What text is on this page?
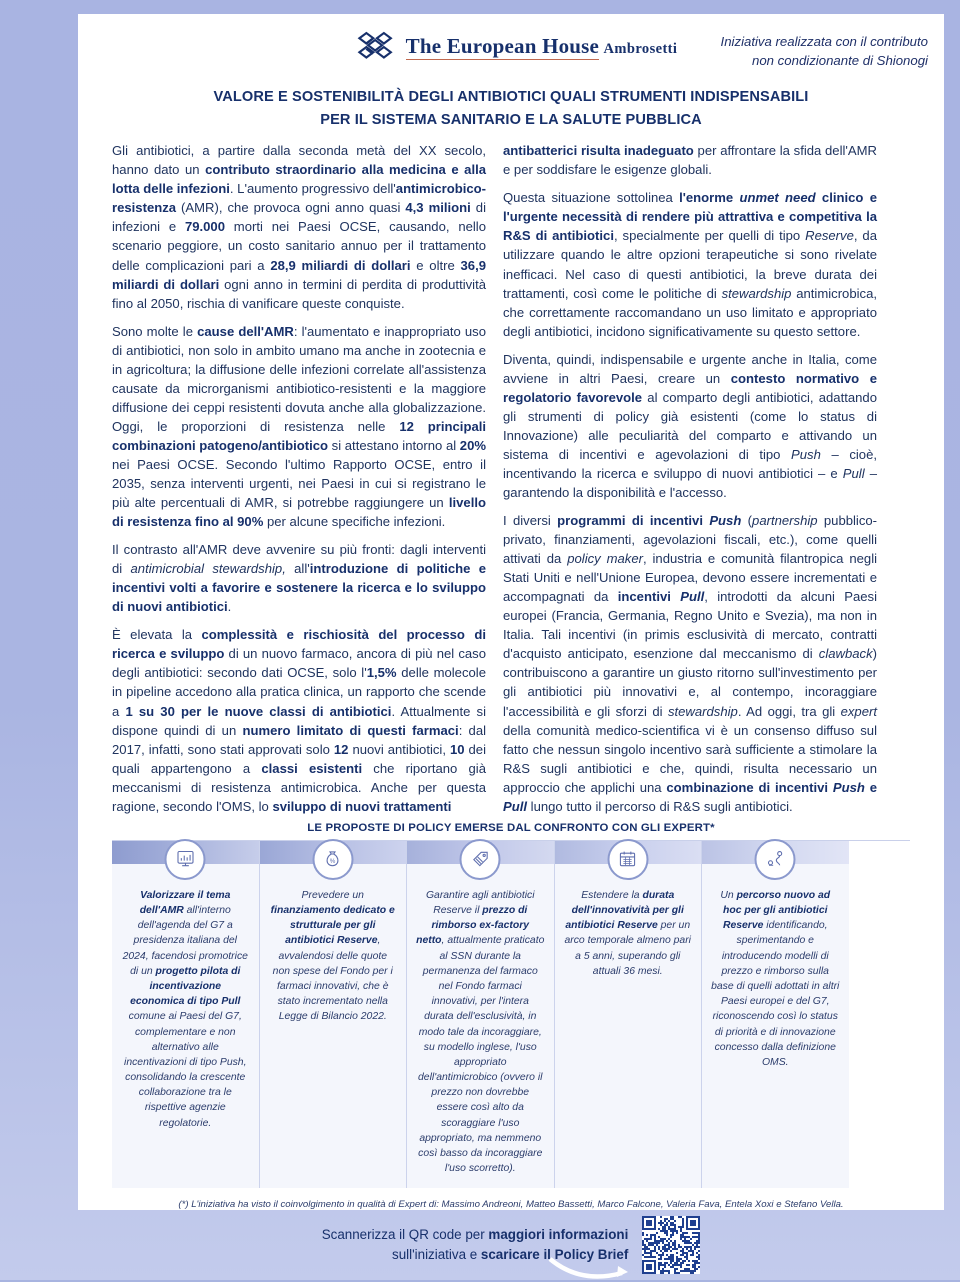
The European House Ambrosetti	Iniziativa realizzata con il contributo
non condizionante di Shionogi
VALORE E SOSTENIBILITÀ DEGLI ANTIBIOTICI QUALI STRUMENTI INDISPENSABILI
PER IL SISTEMA SANITARIO E LA SALUTE PUBBLICA

Gli antibiotici, a partire dalla seconda metà del XX secolo, hanno dato un contributo straordinario alla medicina e alla lotta delle infezioni. L'aumento progressivo dell'antimicrobico-resistenza (AMR), che provoca ogni anno quasi 4,3 milioni di infezioni e 79.000 morti nei Paesi OCSE, causando, nello scenario peggiore, un costo sanitario annuo per il trattamento delle complicazioni pari a 28,9 miliardi di dollari e oltre 36,9 miliardi di dollari ogni anno in termini di perdita di produttività fino al 2050, rischia di vanificare queste conquiste.

Sono molte le cause dell'AMR: l'aumentato e inappropriato uso di antibiotici, non solo in ambito umano ma anche in zootecnia e in agricoltura; la diffusione delle infezioni correlate all'assistenza causate da microrganismi antibiotico-resistenti e la maggiore diffusione dei ceppi resistenti dovuta anche alla globalizzazione. Oggi, le proporzioni di resistenza nelle 12 principali combinazioni patogeno/antibiotico si attestano intorno al 20% nei Paesi OCSE. Secondo l'ultimo Rapporto OCSE, entro il 2035, senza interventi urgenti, nei Paesi in cui si registrano le più alte percentuali di AMR, si potrebbe raggiungere un livello di resistenza fino al 90% per alcune specifiche infezioni.

Il contrasto all'AMR deve avvenire su più fronti: dagli interventi di antimicrobial stewardship, all'introduzione di politiche e incentivi volti a favorire e sostenere la ricerca e lo sviluppo di nuovi antibiotici.

È elevata la complessità e rischiosità del processo di ricerca e sviluppo di un nuovo farmaco, ancora di più nel caso degli antibiotici: secondo dati OCSE, solo l'1,5% delle molecole in pipeline accedono alla pratica clinica, un rapporto che scende a 1 su 30 per le nuove classi di antibiotici. Attualmente si dispone quindi di un numero limitato di questi farmaci: dal 2017, infatti, sono stati approvati solo 12 nuovi antibiotici, 10 dei quali appartengono a classi esistenti che riportano già meccanismi di resistenza antimicrobica. Anche per questa ragione, secondo l'OMS, lo sviluppo di nuovi trattamenti

antibatterici risulta inadeguato per affrontare la sfida dell'AMR e per soddisfare le esigenze globali.

Questa situazione sottolinea l'enorme unmet need clinico e l'urgente necessità di rendere più attrattiva e competitiva la R&S di antibiotici, specialmente per quelli di tipo Reserve, da utilizzare quando le altre opzioni terapeutiche si sono rivelate inefficaci. Nel caso di questi antibiotici, la breve durata dei trattamenti, così come le politiche di stewardship antimicrobica, che correttamente raccomandano un uso limitato e appropriato degli antibiotici, incidono significativamente su questo settore.

Diventa, quindi, indispensabile e urgente anche in Italia, come avviene in altri Paesi, creare un contesto normativo e regolatorio favorevole al comparto degli antibiotici, adattando gli strumenti di policy già esistenti (come lo status di Innovazione) alle peculiarità del comparto e attivando un sistema di incentivi e agevolazioni di tipo Push – cioè, incentivando la ricerca e sviluppo di nuovi antibiotici – e Pull – garantendo la disponibilità e l'accesso.

I diversi programmi di incentivi Push (partnership pubblico-privato, finanziamenti, agevolazioni fiscali, etc.), come quelli attivati da policy maker, industria e comunità filantropica negli Stati Uniti e nell'Unione Europea, devono essere incrementati e accompagnati da incentivi Pull, introdotti da alcuni Paesi europei (Francia, Germania, Regno Unito e Svezia), ma non in Italia. Tali incentivi (in primis esclusività di mercato, contratti d'acquisto anticipato, esenzione dal meccanismo di clawback) contribuiscono a garantire un giusto ritorno sull'investimento per gli antibiotici più innovativi e, al contempo, incoraggiare l'accessibilità e gli sforzi di stewardship. Ad oggi, tra gli expert della comunità medico-scientifica vi è un consenso diffuso sul fatto che nessun singolo incentivo sarà sufficiente a stimolare la R&S sugli antibiotici e che, quindi, risulta necessario un approccio che applichi una combinazione di incentivi Push e Pull lungo tutto il percorso di R&S sugli antibiotici.

LE PROPOSTE DI POLICY EMERSE DAL CONFRONTO CON GLI EXPERT*
Valorizzare il tema dell'AMR all'interno dell'agenda del G7 a presidenza italiana del 2024, facendosi promotrice di un progetto pilota di incentivazione economica di tipo Pull comune ai Paesi del G7, complementare e non alternativo alle incentivazioni di tipo Push, consolidando la crescente collaborazione tra le rispettive agenzie regolatorie.
%
Prevedere un finanziamento dedicato e strutturale per gli antibiotici Reserve, avvalendosi delle quote non spese del Fondo per i farmaci innovativi, che è stato incrementato nella Legge di Bilancio 2022.
Garantire agli antibiotici Reserve il prezzo di rimborso ex-factory netto, attualmente praticato al SSN durante la permanenza del farmaco nel Fondo farmaci innovativi, per l'intera durata dell'esclusività, in modo tale da incoraggiare, su modello inglese, l'uso appropriato dell'antimicrobico (ovvero il prezzo non dovrebbe essere così alto da scoraggiare l'uso appropriato, ma nemmeno così basso da incoraggiare l'uso scorretto).
Estendere la durata dell'innovatività per gli antibiotici Reserve per un arco temporale almeno pari a 5 anni, superando gli attuali 36 mesi.
Un percorso nuovo ad hoc per gli antibiotici Reserve identificando, sperimentando e introducendo modelli di prezzo e rimborso sulla base di quelli adottati in altri Paesi europei e del G7, riconoscendo così lo status di priorità e di innovazione concesso dalla definizione OMS.
(*) L'iniziativa ha visto il coinvolgimento in qualità di Expert di: Massimo Andreoni, Matteo Bassetti, Marco Falcone, Valeria Fava, Entela Xoxi e Stefano Vella.
Scannerizza il QR code per maggiori informazioni
sull'iniziativa e scaricare il Policy Brief
